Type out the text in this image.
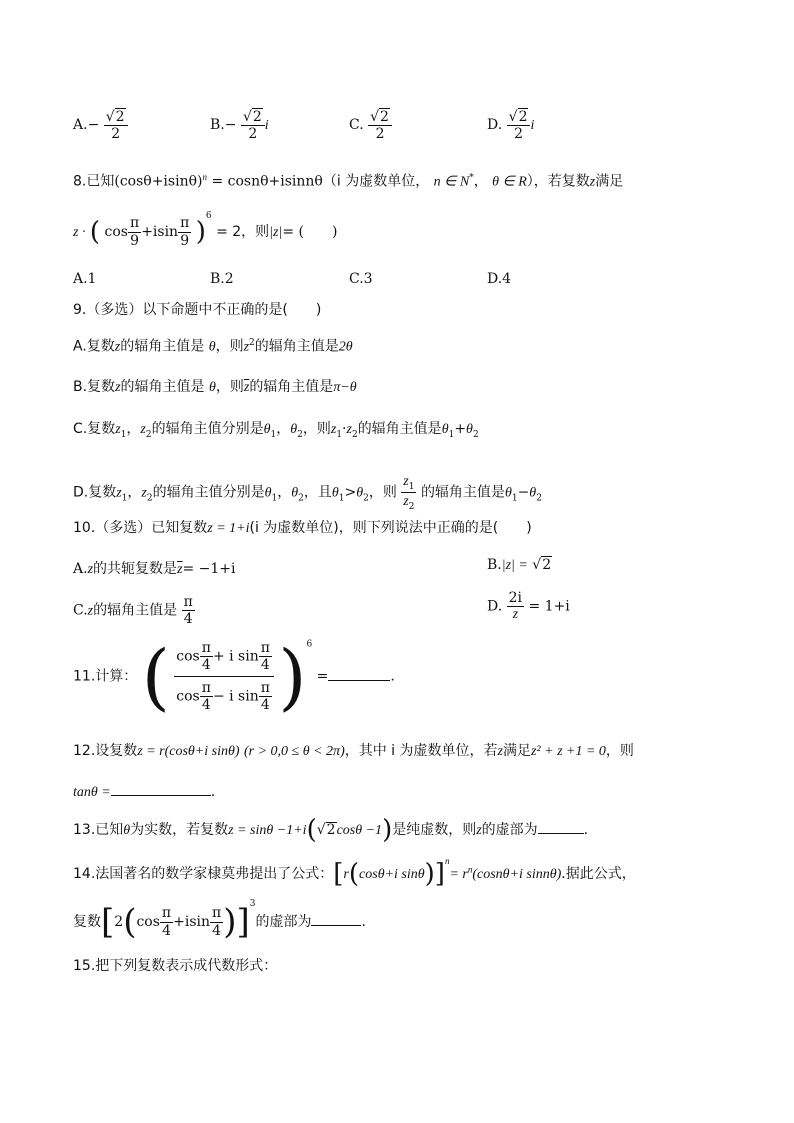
$A.- \frac{√2}{2}$	$B.- \frac{√2}{2}$ i	C. $\frac{√2}{2}$	D. $\frac{√2}{2}$ i
8.已知$(\cos\theta+isin\theta)^n = \cos n\theta+isinn\theta(i$ 为虚数单位， n ∈ N*， θ ∈ R），若复数z满足
z · ( $\cos \frac{\pi}{9} +isin \frac{\pi}{9} )^6 = 2$，则|z|= (　　)
A.1	B.2	C.3	D.4
9.（多选）以下命题中不正确的是(　　)
A.复数z的辐角主值是 θ，则$z^2$的辐角主值是2θ
B.复数z的辐角主值是 θ，则$\overline{z}$的辐角主值是π−θ
C.复数$z_1$，$z_2$的辐角主值分别是$\theta_1$，$\theta_2$，则$z_1\cdot z_2$的辐角主值是$\theta_1+\theta_2$
D.复数$z_1$，$z_2$的辐角主值分别是$\theta_1$，$\theta_2$，且$\theta_1>\theta_2$，则 $\frac{z_1}{z_2}$ 的辐角主值是$\theta_1-\theta_2$
10.（多选）已知复数z = 1+i(i 为虚数单位)，则下列说法中正确的是(　　)
A.z的共轭复数是$\overline{z}= -1+i$	B.|z| = √2
C.z的辐角主值是 $\frac{\pi}{4}$	D. $\frac{2i}{z} = 1+i$
11.计算： ( $\frac{\cos \frac{\pi}{4} + i \sin \frac{\pi}{4}}{\cos \frac{\pi}{4} - i \sin \frac{\pi}{4}} )^6$ =	.
12.设复数z = r(cosθ+i sinθ) (r > 0,0 ≤ θ < 2π)，其中 i 为虚数单位，若z满足z² + z +1 = 0，则
tanθ =	.
13.已知θ为实数，若复数z = sinθ −1+i(√2cosθ −1)是纯虚数，则z的虚部为	.
14.法国著名的数学家棣莫弗提出了公式：[r(cosθ+i $\sin\theta)]^n= r^n(\cos n\theta+i$ sinnθ).据此公式，
复数$[2(\cos \frac{\pi}{4} +isin \frac{\pi}{4} )]^3$的虚部为	.
15.把下列复数表示成代数形式：
